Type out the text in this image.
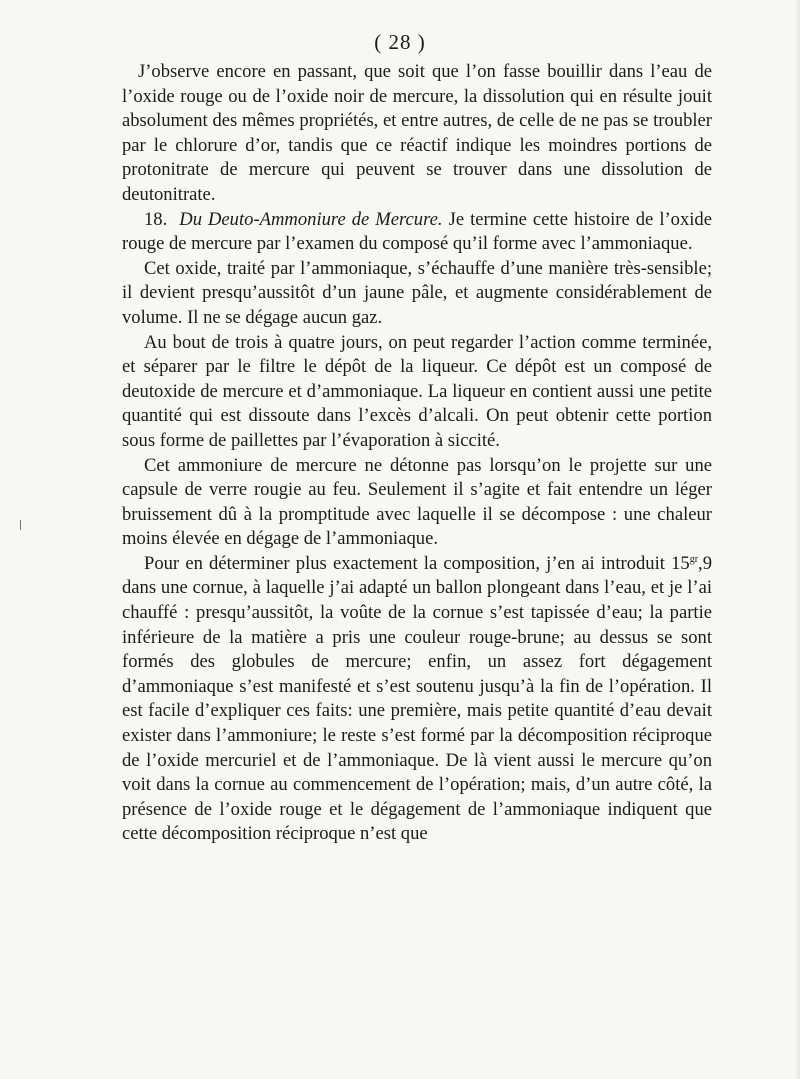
( 28 )

J’observe encore en passant, que soit que l’on fasse bouillir dans l’eau de l’oxide rouge ou de l’oxide noir de mercure, la dissolution qui en résulte jouit absolument des mêmes propriétés, et entre autres, de celle de ne pas se troubler par le chlorure d’or, tandis que ce réactif indique les moindres portions de protonitrate de mercure qui peuvent se trouver dans une dissolution de deutonitrate.

18. Du Deuto-Ammoniure de Mercure. Je termine cette histoire de l’oxide rouge de mercure par l’examen du composé qu’il forme avec l’ammoniaque.

Cet oxide, traité par l’ammoniaque, s’échauffe d’une manière très-sensible; il devient presqu’aussitôt d’un jaune pâle, et augmente considérablement de volume. Il ne se dégage aucun gaz.

Au bout de trois à quatre jours, on peut regarder l’action comme terminée, et séparer par le filtre le dépôt de la liqueur. Ce dépôt est un composé de deutoxide de mercure et d’ammoniaque. La liqueur en contient aussi une petite quantité qui est dissoute dans l’excès d’alcali. On peut obtenir cette portion sous forme de paillettes par l’évaporation à siccité.

Cet ammoniure de mercure ne détonne pas lorsqu’on le projette sur une capsule de verre rougie au feu. Seulement il s’agite et fait entendre un léger bruissement dû à la promptitude avec laquelle il se décompose : une chaleur moins élevée en dégage de l’ammoniaque.

Pour en déterminer plus exactement la composition, j’en ai introduit $15^{gr},9$ dans une cornue, à laquelle j’ai adapté un ballon plongeant dans l’eau, et je l’ai chauffé : presqu’aussitôt, la voûte de la cornue s’est tapissée d’eau; la partie inférieure de la matière a pris une couleur rouge-brune; au dessus se sont formés des globules de mercure; enfin, un assez fort dégagement d’ammoniaque s’est manifesté et s’est soutenu jusqu’à la fin de l’opération. Il est facile d’expliquer ces faits: une première, mais petite quantité d’eau devait exister dans l’ammoniure; le reste s’est formé par la décomposition réciproque de l’oxide mercuriel et de l’ammoniaque. De là vient aussi le mercure qu’on voit dans la cornue au commencement de l’opération; mais, d’un autre côté, la présence de l’oxide rouge et le dégagement de l’ammoniaque indiquent que cette décomposition réciproque n’est que
